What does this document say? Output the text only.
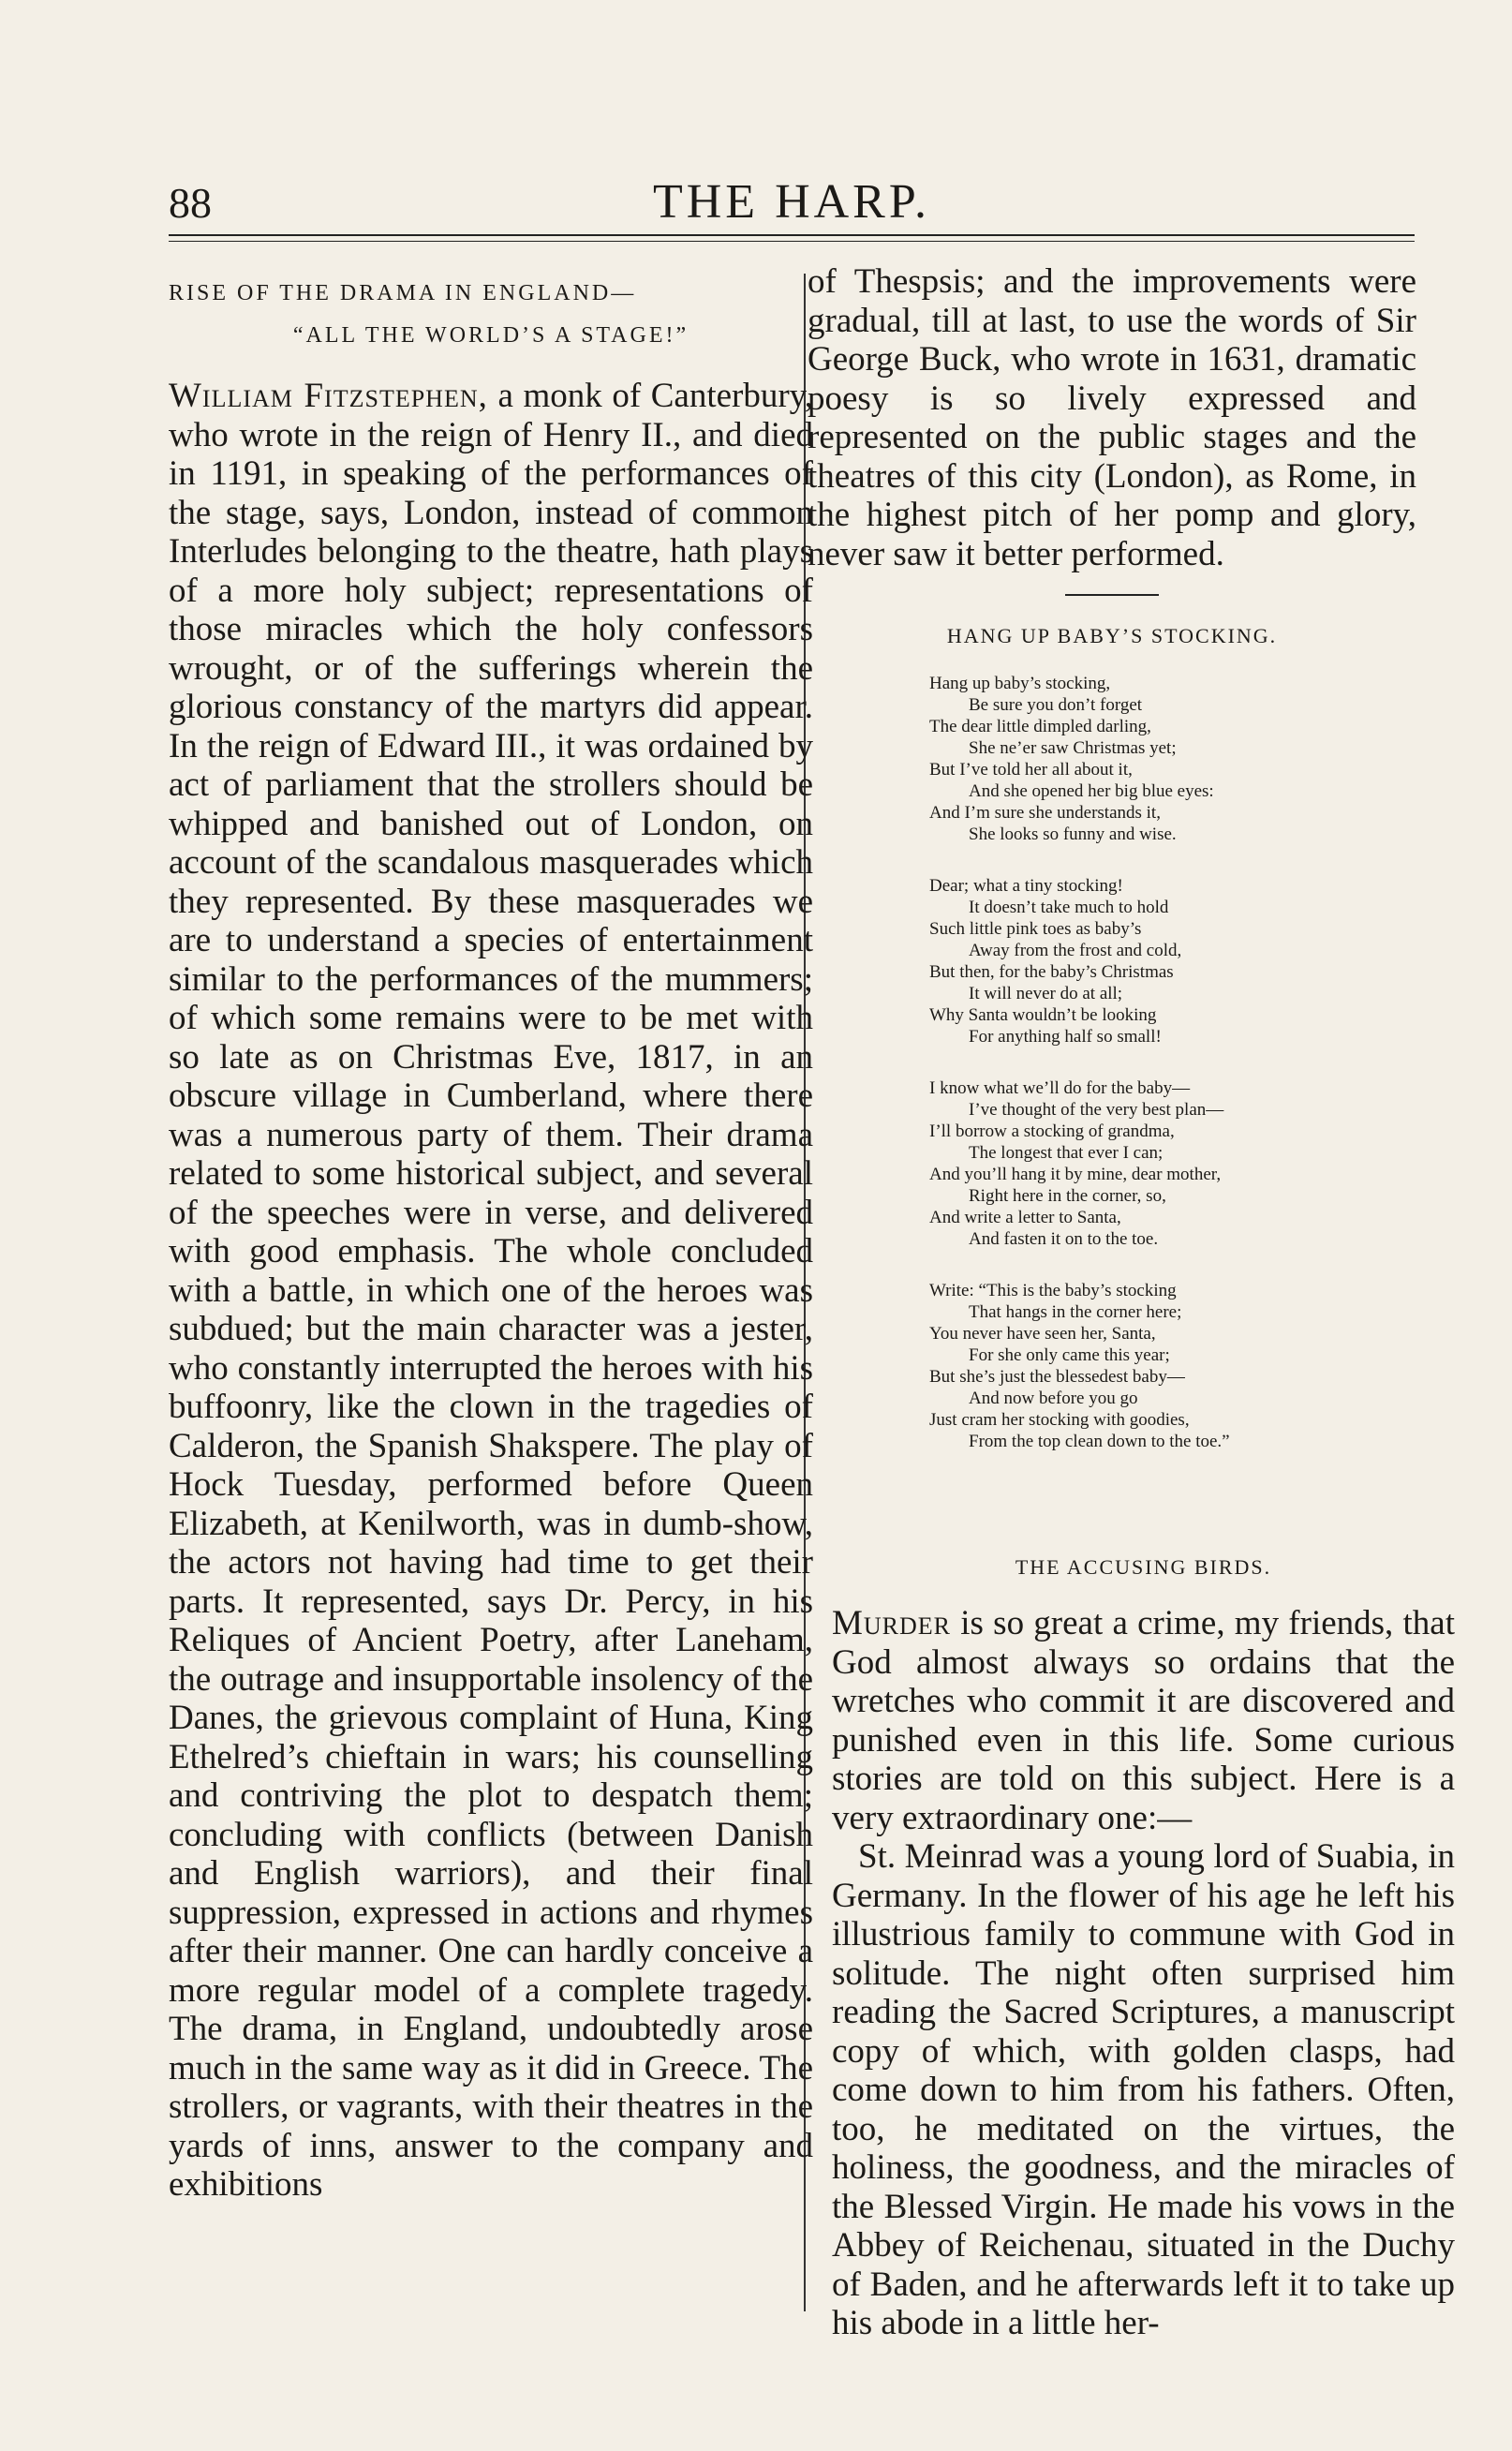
88	THE HARP.

RISE OF THE DRAMA IN ENGLAND—

“ALL THE WORLD’S A STAGE!”

William Fitzstephen, a monk of Canterbury, who wrote in the reign of Henry II., and died in 1191, in speaking of the performances of the stage, says, London, instead of common Interludes belonging to the theatre, hath plays of a more holy subject; representations of those miracles which the holy confessors wrought, or of the sufferings wherein the glorious constancy of the martyrs did appear. In the reign of Edward III., it was ordained by act of parliament that the strollers should be whipped and banished out of London, on account of the scandalous masquerades which they represented. By these masquerades we are to understand a species of entertainment similar to the performances of the mummers; of which some remains were to be met with so late as on Christmas Eve, 1817, in an obscure village in Cumberland, where there was a numerous party of them. Their drama related to some historical subject, and several of the speeches were in verse, and delivered with good emphasis. The whole concluded with a battle, in which one of the heroes was subdued; but the main character was a jester, who constantly interrupted the heroes with his buffoonry, like the clown in the tragedies of Calderon, the Spanish Shakspere. The play of Hock Tuesday, performed before Queen Elizabeth, at Kenilworth, was in dumb-show, the actors not having had time to get their parts. It represented, says Dr. Percy, in his Reliques of Ancient Poetry, after Laneham, the outrage and insupportable insolency of the Danes, the grievous complaint of Huna, King Ethelred’s chieftain in wars; his counselling and contriving the plot to despatch them; concluding with conflicts (between Danish and English warriors), and their final suppression, expressed in actions and rhymes after their manner. One can hardly conceive a more regular model of a complete tragedy. The drama, in England, undoubtedly arose much in the same way as it did in Greece. The strollers, or vagrants, with their theatres in the yards of inns, answer to the company and exhibitions

of Thespsis; and the improvements were gradual, till at last, to use the words of Sir George Buck, who wrote in 1631, dramatic poesy is so lively expressed and represented on the public stages and the theatres of this city (London), as Rome, in the highest pitch of her pomp and glory, never saw it better performed.

HANG UP BABY’S STOCKING.

Hang up baby’s stocking,
Be sure you don’t forget
The dear little dimpled darling,
She ne’er saw Christmas yet;
But I’ve told her all about it,
And she opened her big blue eyes:
And I’m sure she understands it,
She looks so funny and wise.
Dear; what a tiny stocking!
It doesn’t take much to hold
Such little pink toes as baby’s
Away from the frost and cold,
But then, for the baby’s Christmas
It will never do at all;
Why Santa wouldn’t be looking
For anything half so small!
I know what we’ll do for the baby—
I’ve thought of the very best plan—
I’ll borrow a stocking of grandma,
The longest that ever I can;
And you’ll hang it by mine, dear mother,
Right here in the corner, so,
And write a letter to Santa,
And fasten it on to the toe.
Write: “This is the baby’s stocking
That hangs in the corner here;
You never have seen her, Santa,
For she only came this year;
But she’s just the blessedest baby—
And now before you go
Just cram her stocking with goodies,
From the top clean down to the toe.”

THE ACCUSING BIRDS.

Murder is so great a crime, my friends, that God almost always so ordains that the wretches who commit it are discovered and punished even in this life. Some curious stories are told on this subject. Here is a very extraordinary one:—

St. Meinrad was a young lord of Suabia, in Germany. In the flower of his age he left his illustrious family to commune with God in solitude. The night often surprised him reading the Sacred Scriptures, a manuscript copy of which, with golden clasps, had come down to him from his fathers. Often, too, he meditated on the virtues, the holiness, the goodness, and the miracles of the Blessed Virgin. He made his vows in the Abbey of Reichenau, situated in the Duchy of Baden, and he afterwards left it to take up his abode in a little her-
